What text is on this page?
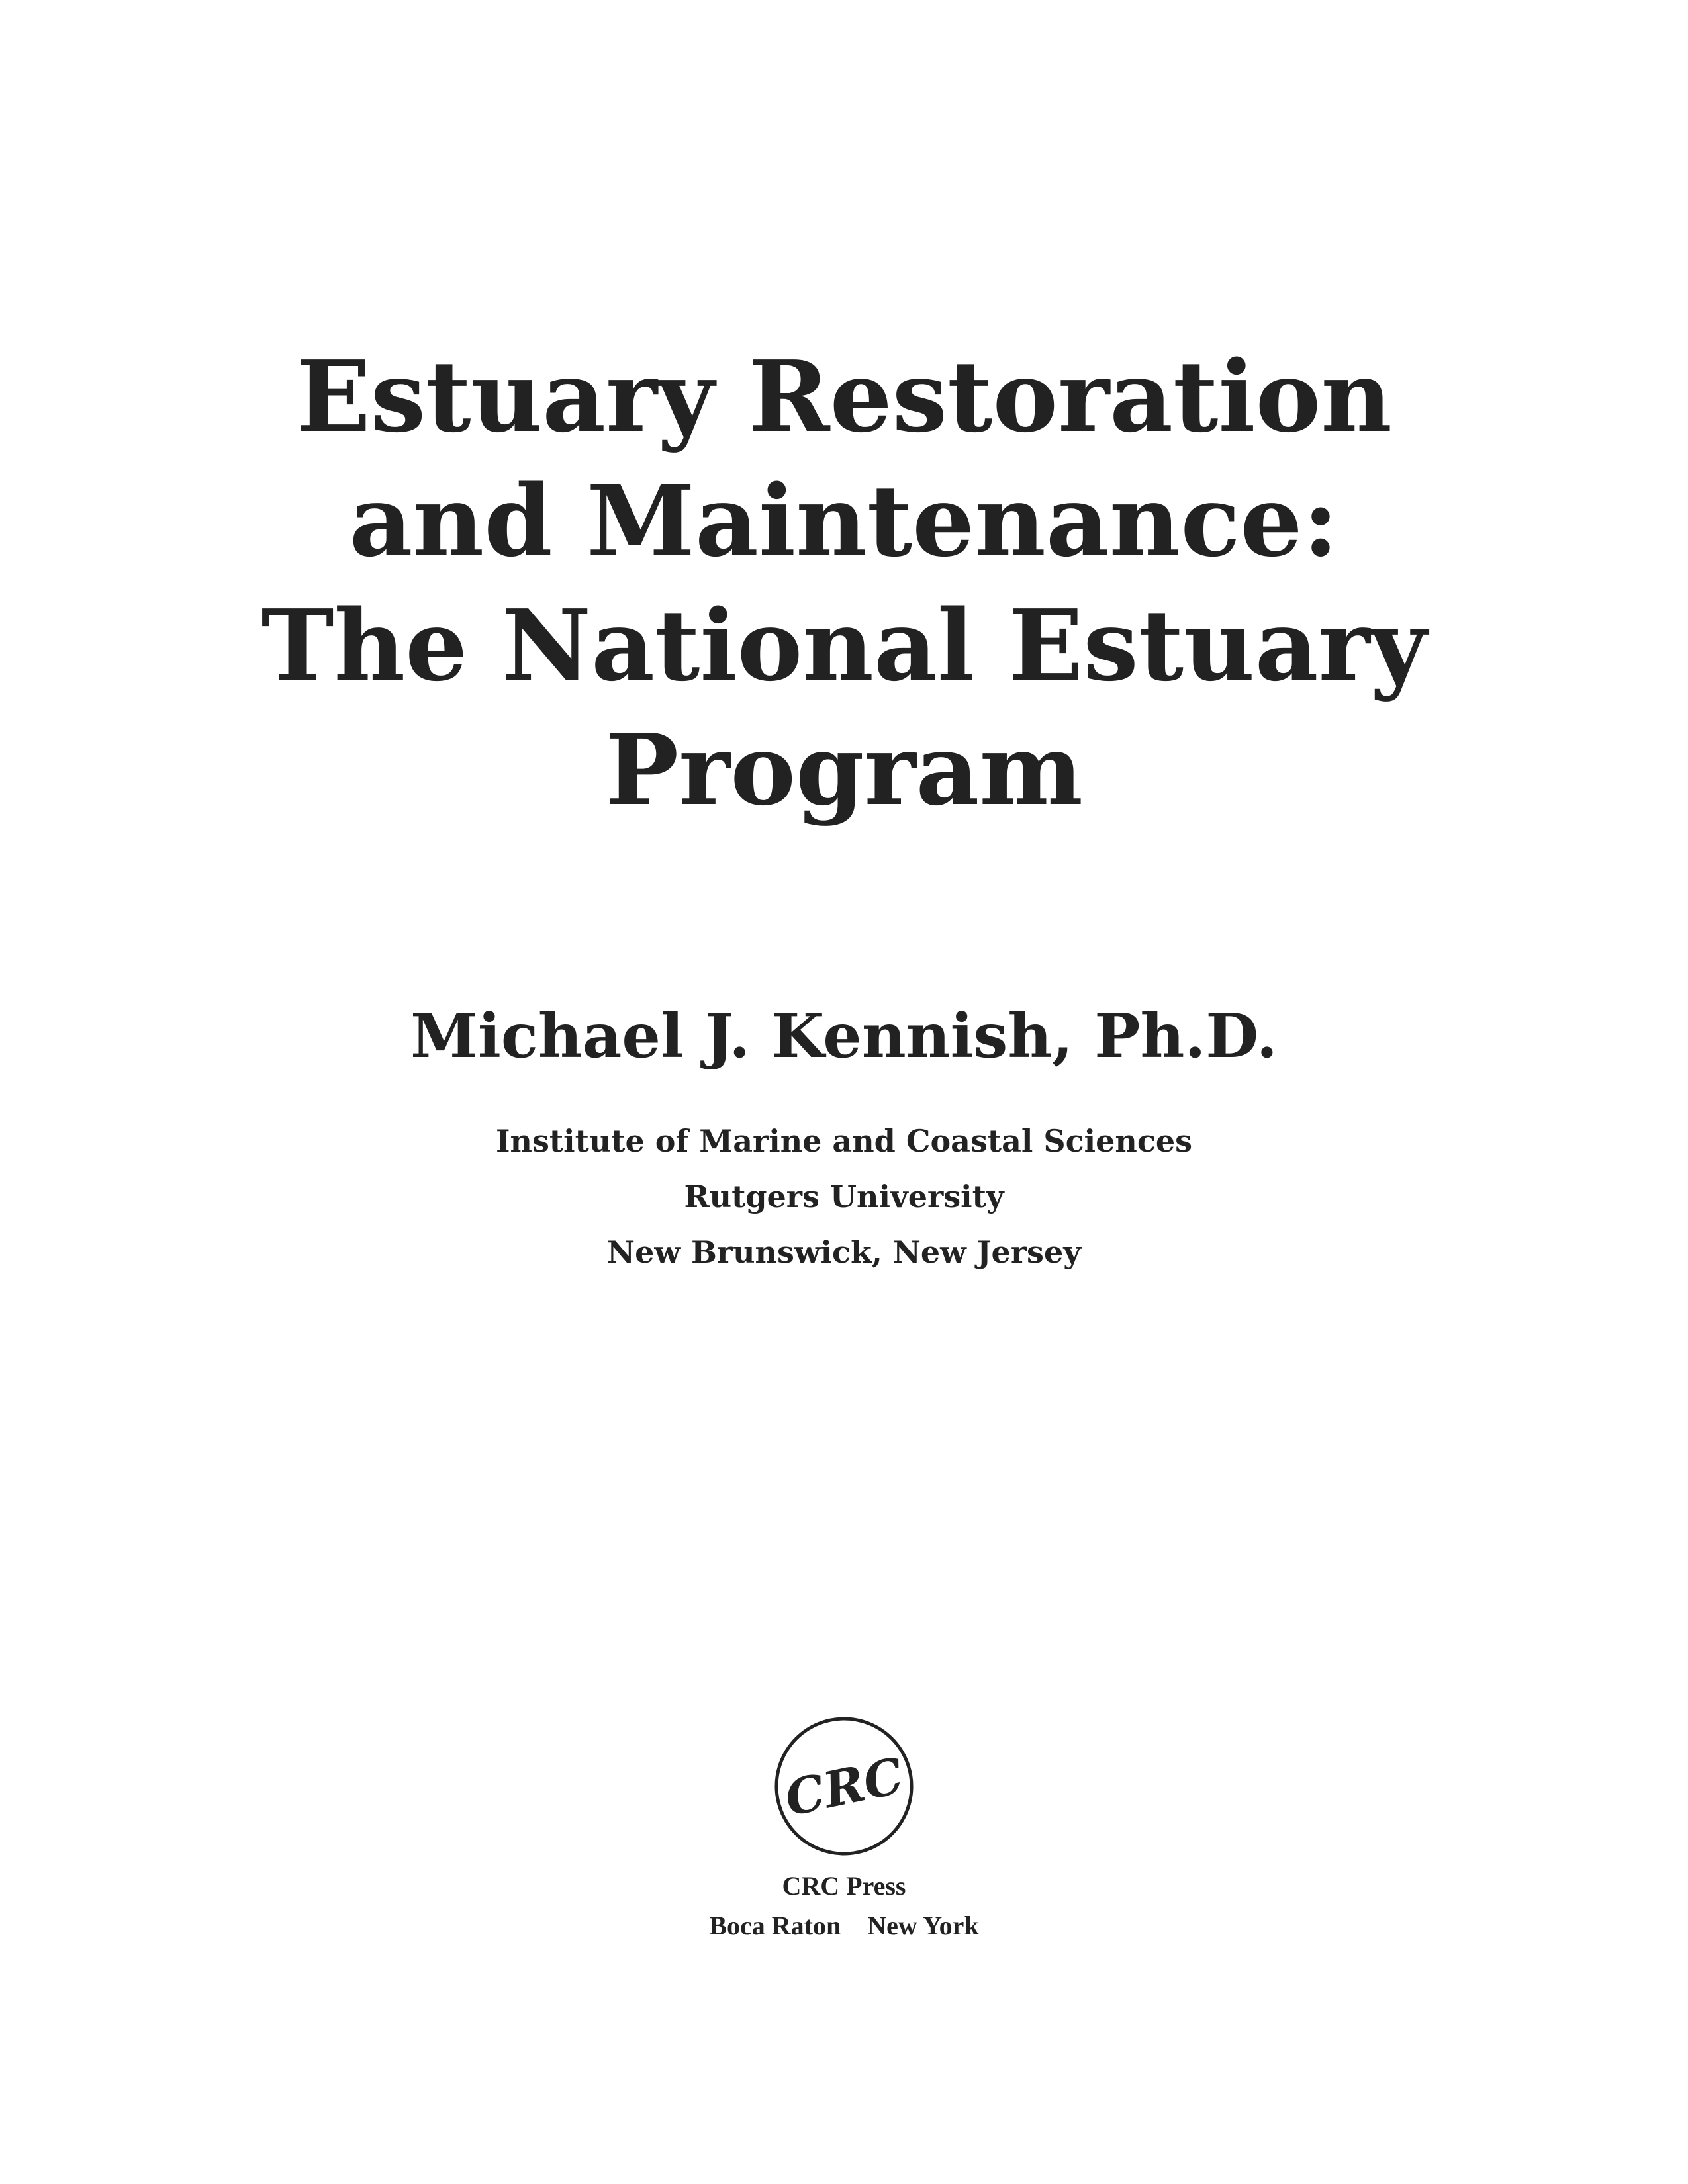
Estuary Restoration
and Maintenance:
The National Estuary
Program
Michael J. Kennish, Ph.D.
Institute of Marine and Coastal Sciences
Rutgers University
New Brunswick, New Jersey
CRC
CRC Press
Boca Raton New York
